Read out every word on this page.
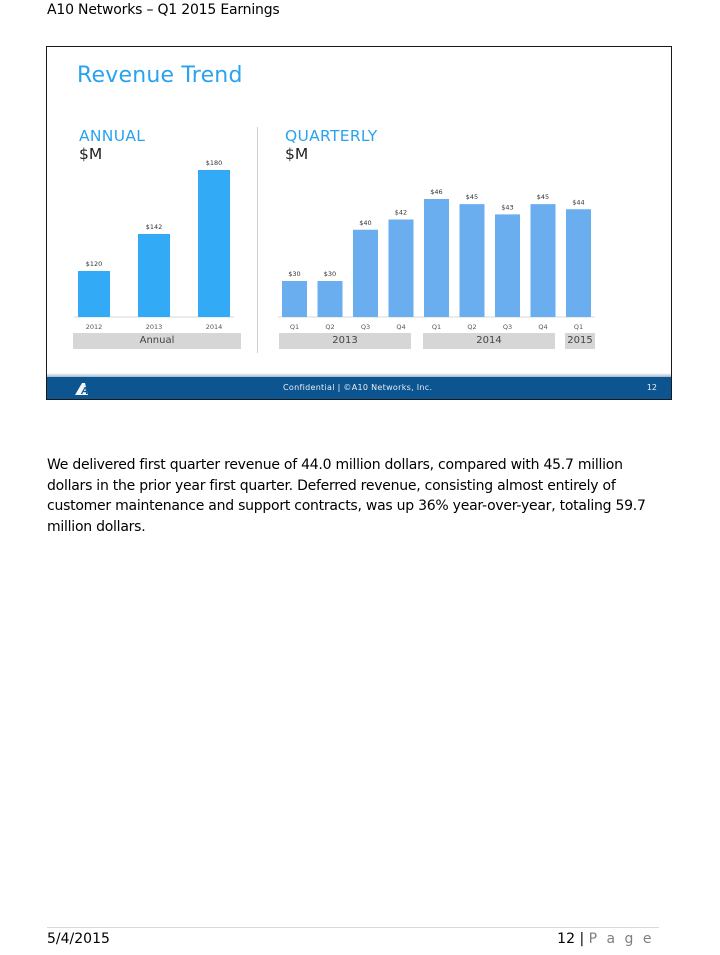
A10 Networks – Q1 2015 Earnings
Revenue Trend
ANNUAL
$M
QUARTERLY
$M
$120
2012
$142
2013
$180
2014
$30
Q1
$30
Q2
$40
Q3
$42
Q4
$46
Q1
$45
Q2
$43
Q3
$45
Q4
$44
Q1
Annual	2013	2014	2015
A10	Confidential | ©A10 Networks, Inc.	12
We delivered first quarter revenue of 44.0 million dollars, compared with 45.7 million dollars in the prior year first quarter. Deferred revenue, consisting almost entirely of customer maintenance and support contracts, was up 36% year-over-year, totaling 59.7 million dollars.
5/4/2015	12 | P a g e
